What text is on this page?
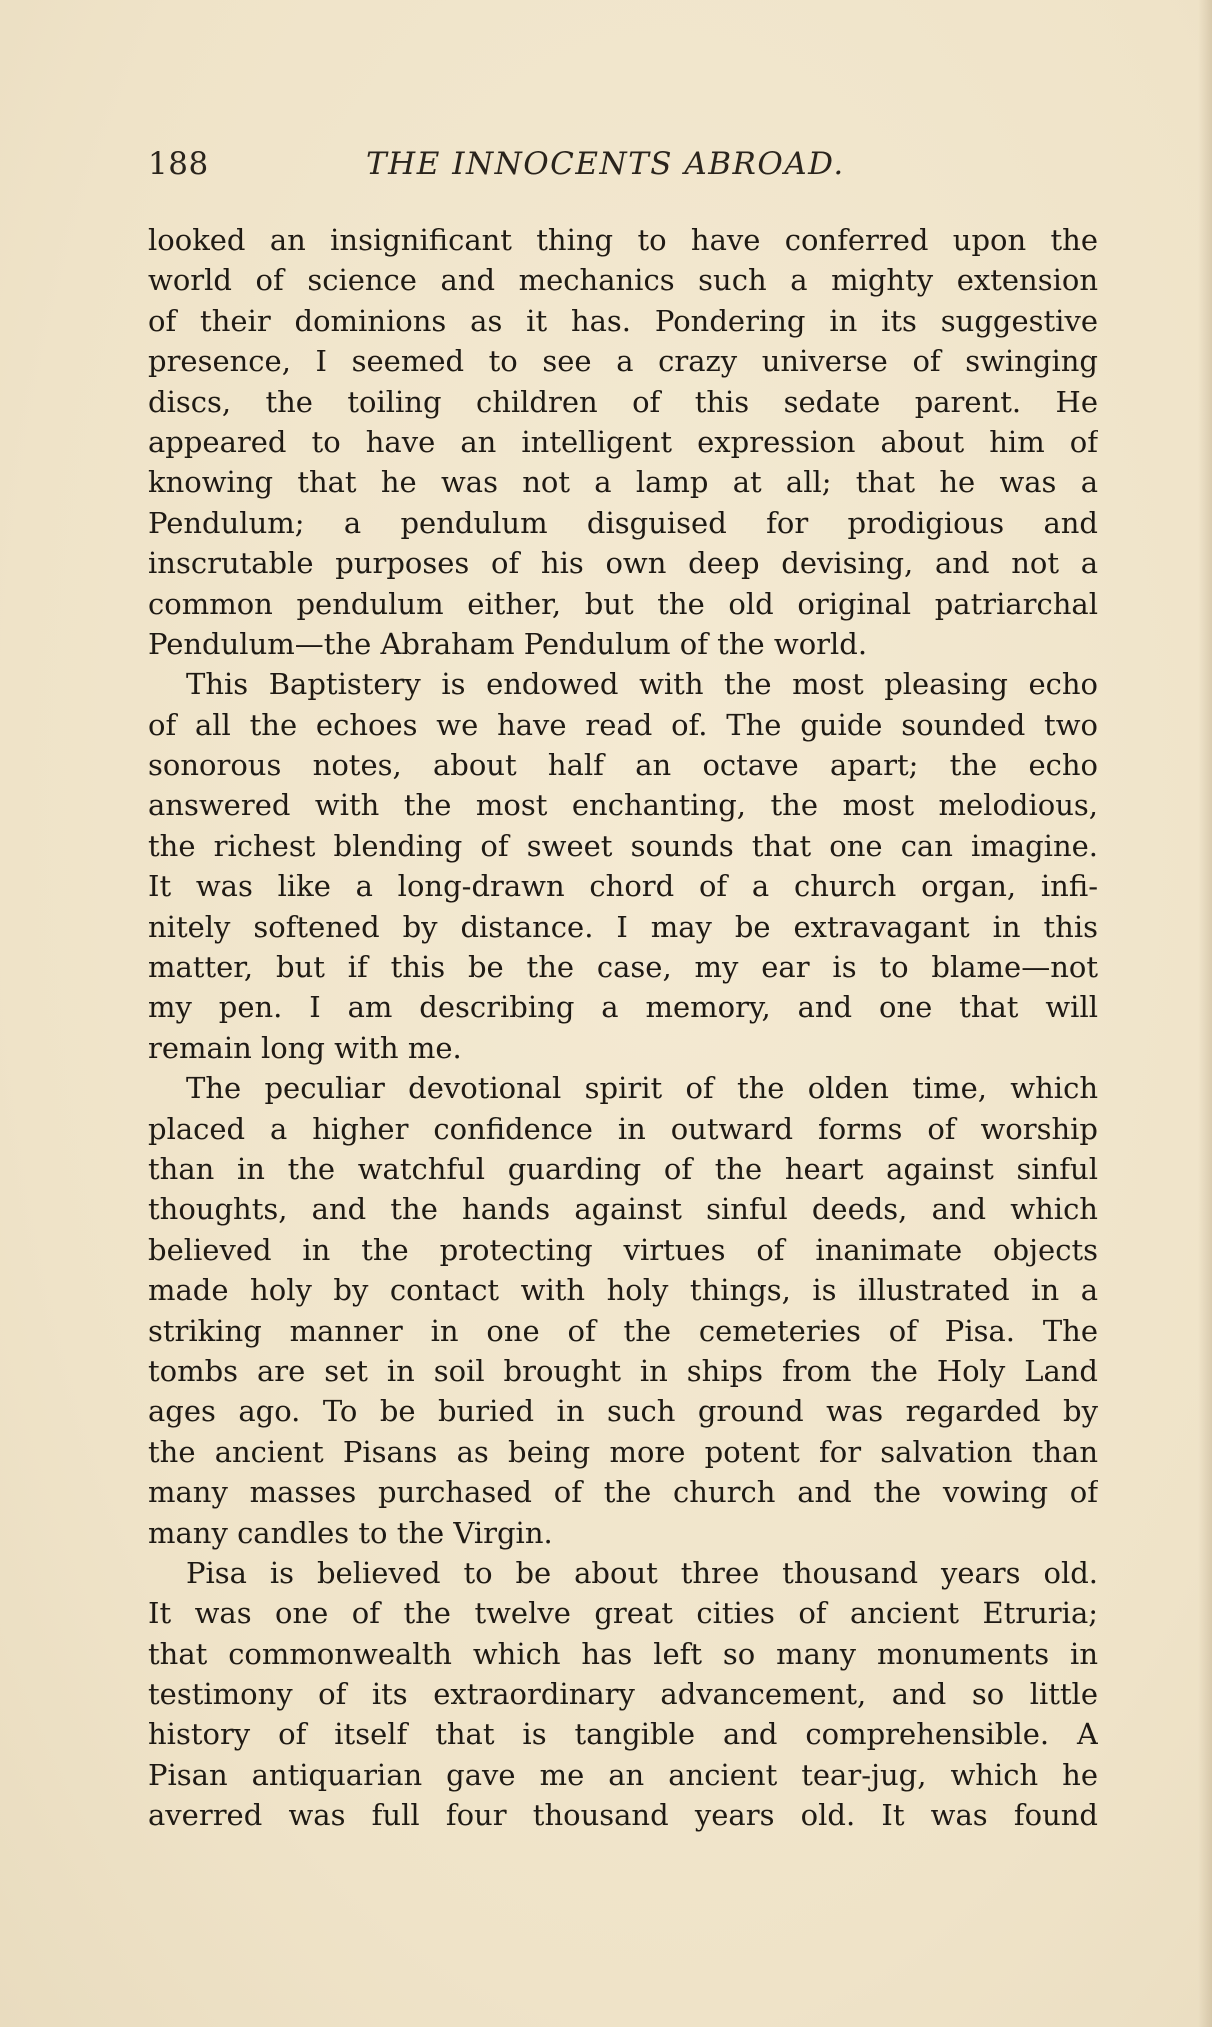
188	THE INNOCENTS ABROAD.
looked an insignificant thing to have conferred upon the
world of science and mechanics such a mighty extension
of their dominions as it has. Pondering in its suggestive
presence, I seemed to see a crazy universe of swinging
discs, the toiling children of this sedate parent. He
appeared to have an intelligent expression about him of
knowing that he was not a lamp at all; that he was a
Pendulum; a pendulum disguised for prodigious and
inscrutable purposes of his own deep devising, and not a
common pendulum either, but the old original patriarchal
Pendulum—the Abraham Pendulum of the world.
This Baptistery is endowed with the most pleasing echo
of all the echoes we have read of. The guide sounded two
sonorous notes, about half an octave apart; the echo
answered with the most enchanting, the most melodious,
the richest blending of sweet sounds that one can imagine.
It was like a long-drawn chord of a church organ, infi-
nitely softened by distance. I may be extravagant in this
matter, but if this be the case, my ear is to blame—not
my pen. I am describing a memory, and one that will
remain long with me.
The peculiar devotional spirit of the olden time, which
placed a higher confidence in outward forms of worship
than in the watchful guarding of the heart against sinful
thoughts, and the hands against sinful deeds, and which
believed in the protecting virtues of inanimate objects
made holy by contact with holy things, is illustrated in a
striking manner in one of the cemeteries of Pisa. The
tombs are set in soil brought in ships from the Holy Land
ages ago. To be buried in such ground was regarded by
the ancient Pisans as being more potent for salvation than
many masses purchased of the church and the vowing of
many candles to the Virgin.
Pisa is believed to be about three thousand years old.
It was one of the twelve great cities of ancient Etruria;
that commonwealth which has left so many monuments in
testimony of its extraordinary advancement, and so little
history of itself that is tangible and comprehensible. A
Pisan antiquarian gave me an ancient tear-jug, which he
averred was full four thousand years old. It was found
